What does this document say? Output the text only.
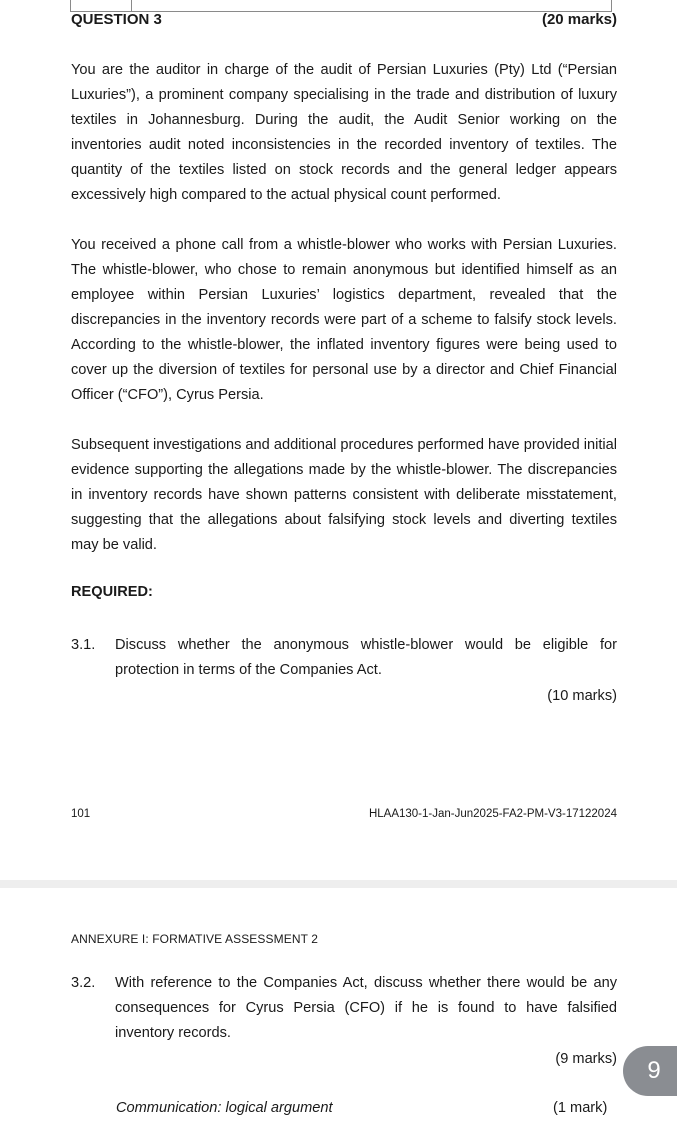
QUESTION 3	(20 marks)

You are the auditor in charge of the audit of Persian Luxuries (Pty) Ltd (“Persian Luxuries”), a prominent company specialising in the trade and distribution of luxury textiles in Johannesburg. During the audit, the Audit Senior working on the inventories audit noted inconsistencies in the recorded inventory of textiles. The quantity of the textiles listed on stock records and the general ledger appears excessively high compared to the actual physical count performed.

You received a phone call from a whistle-blower who works with Persian Luxuries. The whistle-blower, who chose to remain anonymous but identified himself as an employee within Persian Luxuries’ logistics department, revealed that the discrepancies in the inventory records were part of a scheme to falsify stock levels. According to the whistle-blower, the inflated inventory figures were being used to cover up the diversion of textiles for personal use by a director and Chief Financial Officer (“CFO”), Cyrus Persia.

Subsequent investigations and additional procedures performed have provided initial evidence supporting the allegations made by the whistle-blower. The discrepancies in inventory records have shown patterns consistent with deliberate misstatement, suggesting that the allegations about falsifying stock levels and diverting textiles may be valid.

REQUIRED:
3.1. Discuss whether the anonymous whistle-blower would be eligible for protection in terms of the Companies Act.
(10 marks)
101	HLAA130-1-Jan-Jun2025-FA2-PM-V3-17122024
ANNEXURE I: FORMATIVE ASSESSMENT 2
3.2. With reference to the Companies Act, discuss whether there would be any consequences for Cyrus Persia (CFO) if he is found to have falsified inventory records.
(9 marks)
Communication: logical argument	(1 mark)
9
